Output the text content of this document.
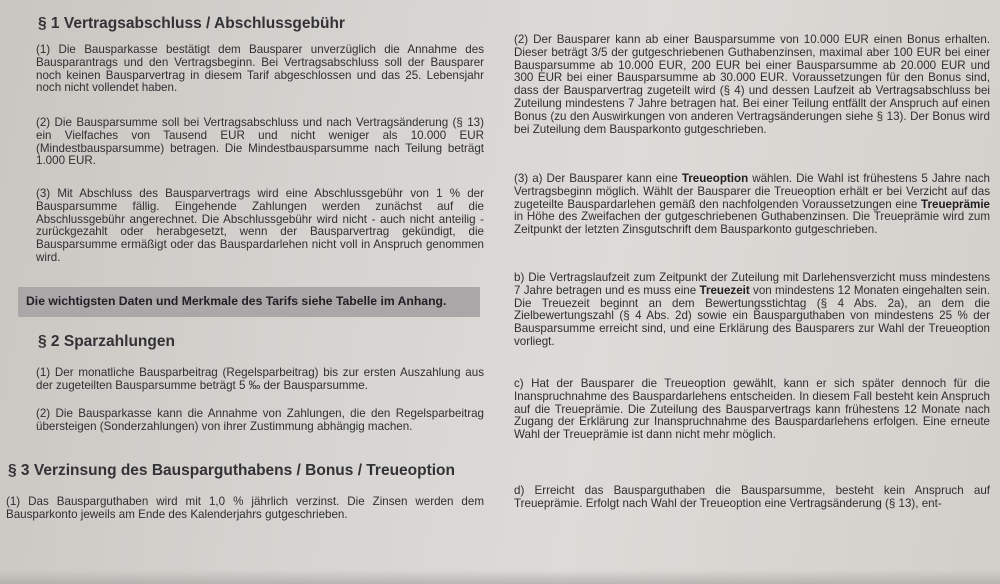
§ 1 Vertragsabschluss / Abschlussgebühr

(1) Die Bausparkasse bestätigt dem Bausparer unverzüglich die Annahme des Bausparantrags und den Vertragsbeginn. Bei Vertragsabschluss soll der Bausparer noch keinen Bausparvertrag in diesem Tarif abgeschlossen und das 25. Lebensjahr noch nicht vollendet haben.

(2) Die Bausparsumme soll bei Vertragsabschluss und nach Vertragsänderung (§ 13) ein Vielfaches von Tausend EUR und nicht weniger als 10.000 EUR (Mindestbausparsumme) betragen. Die Mindestbausparsumme nach Teilung beträgt 1.000 EUR.

(3) Mit Abschluss des Bausparvertrags wird eine Abschlussgebühr von 1 % der Bausparsumme fällig. Eingehende Zahlungen werden zunächst auf die Abschlussgebühr angerechnet. Die Abschlussgebühr wird nicht - auch nicht anteilig - zurückgezahlt oder herabgesetzt, wenn der Bausparvertrag gekündigt, die Bausparsumme ermäßigt oder das Bauspardarlehen nicht voll in Anspruch genommen wird.

Die wichtigsten Daten und Merkmale des Tarifs siehe Tabelle im Anhang.
§ 2 Sparzahlungen

(1) Der monatliche Bausparbeitrag (Regelsparbeitrag) bis zur ersten Auszahlung aus der zugeteilten Bausparsumme beträgt 5 ‰ der Bausparsumme.

(2) Die Bausparkasse kann die Annahme von Zahlungen, die den Regelsparbeitrag übersteigen (Sonderzahlungen) von ihrer Zustimmung abhängig machen.

§ 3 Verzinsung des Bausparguthabens / Bonus / Treueoption

(1) Das Bausparguthaben wird mit 1,0 % jährlich verzinst. Die Zinsen werden dem Bausparkonto jeweils am Ende des Kalenderjahrs gutgeschrieben.

(2) Der Bausparer kann ab einer Bausparsumme von 10.000 EUR einen Bonus erhalten. Dieser beträgt 3/5 der gutgeschriebenen Guthabenzinsen, maximal aber 100 EUR bei einer Bausparsumme ab 10.000 EUR, 200 EUR bei einer Bausparsumme ab 20.000 EUR und 300 EUR bei einer Bausparsumme ab 30.000 EUR. Voraussetzungen für den Bonus sind, dass der Bausparvertrag zugeteilt wird (§ 4) und dessen Laufzeit ab Vertragsabschluss bei Zuteilung mindestens 7 Jahre betragen hat. Bei einer Teilung entfällt der Anspruch auf einen Bonus (zu den Auswirkungen von anderen Vertragsänderungen siehe § 13). Der Bonus wird bei Zuteilung dem Bausparkonto gutgeschrieben.

(3) a) Der Bausparer kann eine Treueoption wählen. Die Wahl ist frühestens 5 Jahre nach Vertragsbeginn möglich. Wählt der Bausparer die Treueoption erhält er bei Verzicht auf das zugeteilte Bauspardarlehen gemäß den nachfolgenden Voraussetzungen eine Treueprämie in Höhe des Zweifachen der gutgeschriebenen Guthabenzinsen. Die Treueprämie wird zum Zeitpunkt der letzten Zinsgutschrift dem Bausparkonto gutgeschrieben.

b) Die Vertragslaufzeit zum Zeitpunkt der Zuteilung mit Darlehensverzicht muss mindestens 7 Jahre betragen und es muss eine Treuezeit von mindestens 12 Monaten eingehalten sein. Die Treuezeit beginnt an dem Bewertungsstichtag (§ 4 Abs. 2a), an dem die Zielbewertungszahl (§ 4 Abs. 2d) sowie ein Bausparguthaben von mindestens 25 % der Bausparsumme erreicht sind, und eine Erklärung des Bausparers zur Wahl der Treueoption vorliegt.

c) Hat der Bausparer die Treueoption gewählt, kann er sich später dennoch für die Inanspruchnahme des Bauspardarlehens entscheiden. In diesem Fall besteht kein Anspruch auf die Treueprämie. Die Zuteilung des Bausparvertrags kann frühestens 12 Monate nach Zugang der Erklärung zur Inanspruchnahme des Bauspardarlehens erfolgen. Eine erneute Wahl der Treueprämie ist dann nicht mehr möglich.

d) Erreicht das Bausparguthaben die Bausparsumme, besteht kein Anspruch auf Treueprämie. Erfolgt nach Wahl der Treueoption eine Vertragsänderung (§ 13), ent-
